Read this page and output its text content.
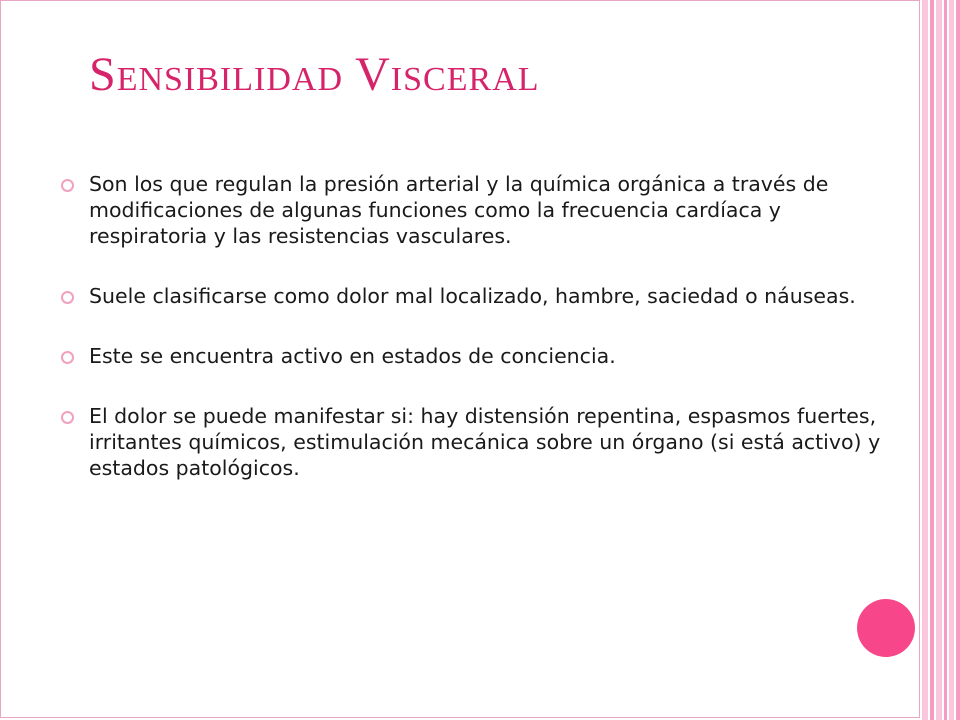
Sensibilidad Visceral
Son los que regulan la presión arterial y la química orgánica a través de modificaciones de algunas funciones como la frecuencia cardíaca y respiratoria y las resistencias vasculares.
Suele clasificarse como dolor mal localizado, hambre, saciedad o náuseas.
Este se encuentra activo en estados de conciencia.
El dolor se puede manifestar si: hay distensión repentina, espasmos fuertes, irritantes químicos, estimulación mecánica sobre un órgano (si está activo) y estados patológicos.
